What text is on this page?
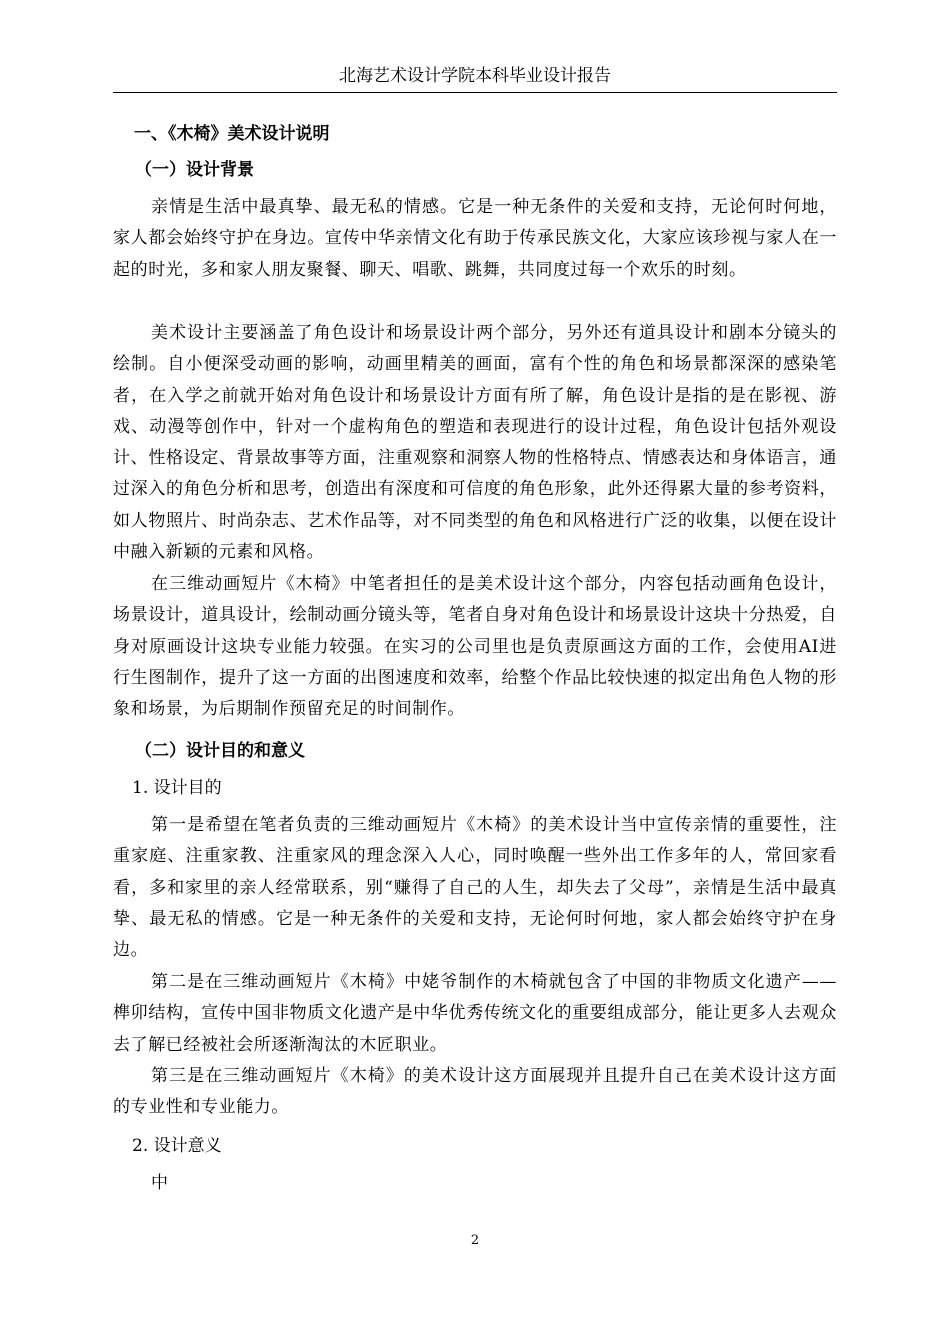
北海艺术设计学院本科毕业设计报告
一、《木椅》美术设计说明
（一）设计背景

亲情是生活中最真挚、最无私的情感。它是一种无条件的关爱和支持，无论何时何地，家人都会始终守护在身边。宣传中华亲情文化有助于传承民族文化，大家应该珍视与家人在一起的时光，多和家人朋友聚餐、聊天、唱歌、跳舞，共同度过每一个欢乐的时刻。

美术设计主要涵盖了角色设计和场景设计两个部分，另外还有道具设计和剧本分镜头的绘制。自小便深受动画的影响，动画里精美的画面，富有个性的角色和场景都深深的感染笔者，在入学之前就开始对角色设计和场景设计方面有所了解，角色设计是指的是在影视、游戏、动漫等创作中，针对一个虚构角色的塑造和表现进行的设计过程，角色设计包括外观设计、性格设定、背景故事等方面，注重观察和洞察人物的性格特点、情感表达和身体语言，通过深入的角色分析和思考，创造出有深度和可信度的角色形象，此外还得累大量的参考资料，如人物照片、时尚杂志、艺术作品等，对不同类型的角色和风格进行广泛的收集，以便在设计中融入新颖的元素和风格。

在三维动画短片《木椅》中笔者担任的是美术设计这个部分，内容包括动画角色设计，场景设计，道具设计，绘制动画分镜头等，笔者自身对角色设计和场景设计这块十分热爱，自身对原画设计这块专业能力较强。在实习的公司里也是负责原画这方面的工作，会使用AI进行生图制作，提升了这一方面的出图速度和效率，给整个作品比较快速的拟定出角色人物的形象和场景，为后期制作预留充足的时间制作。

（二）设计目的和意义
1. 设计目的

第一是希望在笔者负责的三维动画短片《木椅》的美术设计当中宣传亲情的重要性，注重家庭、注重家教、注重家风的理念深入人心，同时唤醒一些外出工作多年的人，常回家看看，多和家里的亲人经常联系，别“赚得了自己的人生，却失去了父母”，亲情是生活中最真挚、最无私的情感。它是一种无条件的关爱和支持，无论何时何地，家人都会始终守护在身边。

第二是在三维动画短片《木椅》中姥爷制作的木椅就包含了中国的非物质文化遗产——榫卯结构，宣传中国非物质文化遗产是中华优秀传统文化的重要组成部分，能让更多人去观众去了解已经被社会所逐渐淘汰的木匠职业。

第三是在三维动画短片《木椅》的美术设计这方面展现并且提升自己在美术设计这方面的专业性和专业能力。

2. 设计意义

中

2
